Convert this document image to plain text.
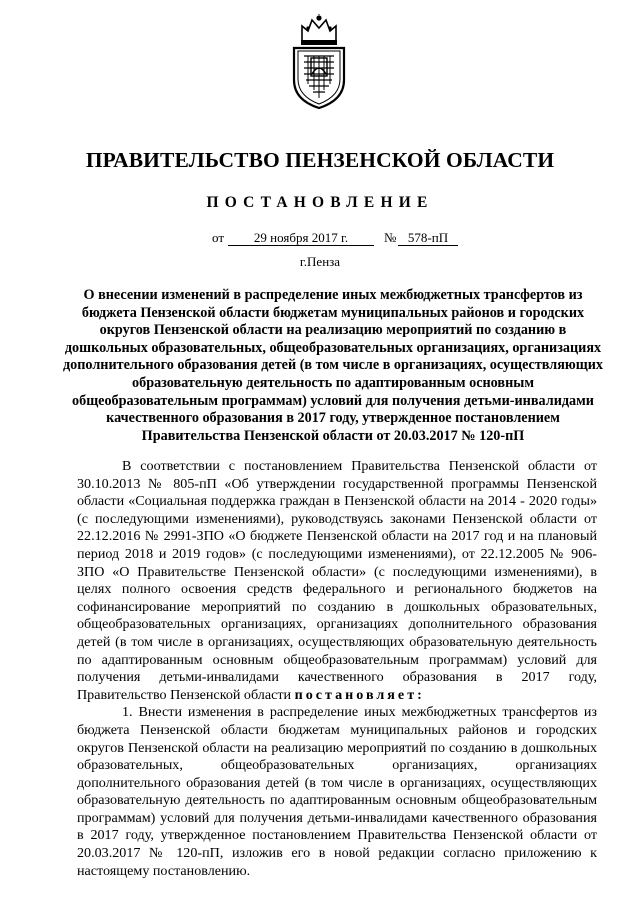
ПРАВИТЕЛЬСТВО ПЕНЗЕНСКОЙ ОБЛАСТИ
ПОСТАНОВЛЕНИЕ
от	29 ноября 2017 г.	№ 578-пП
г.Пенза

О внесении изменений в распределение иных межбюджетных трансфертов из бюджета Пензенской области бюджетам муниципальных районов и городских округов Пензенской области на реализацию мероприятий по созданию в дошкольных образовательных, общеобразовательных организациях, организациях дополнительного образования детей (в том числе в организациях, осуществляющих образовательную деятельность по адаптированным основным общеобразовательным программам) условий для получения детьми-инвалидами качественного образования в 2017 году, утвержденное постановлением Правительства Пензенской области от 20.03.2017 № 120-пП

В соответствии с постановлением Правительства Пензенской области от 30.10.2013 № 805-пП «Об утверждении государственной программы Пензенской области «Социальная поддержка граждан в Пензенской области на 2014 - 2020 годы» (с последующими изменениями), руководствуясь законами Пензенской области от 22.12.2016 № 2991-ЗПО «О бюджете Пензенской области на 2017 год и на плановый период 2018 и 2019 годов» (с последующими изменениями), от 22.12.2005 № 906-ЗПО «О Правительстве Пензенской области» (с последующими изменениями), в целях полного освоения средств федерального и регионального бюджетов на софинансирование мероприятий по созданию в дошкольных образовательных, общеобразовательных организациях, организациях дополнительного образования детей (в том числе в организациях, осуществляющих образовательную деятельность по адаптированным основным общеобразовательным программам) условий для получения детьми-инвалидами качественного образования в 2017 году, Правительство Пензенской области постановляет:

1. Внести изменения в распределение иных межбюджетных трансфертов из бюджета Пензенской области бюджетам муниципальных районов и городских округов Пензенской области на реализацию мероприятий по созданию в дошкольных образовательных, общеобразовательных организациях, организациях дополнительного образования детей (в том числе в организациях, осуществляющих образовательную деятельность по адаптированным основным общеобразовательным программам) условий для получения детьми-инвалидами качественного образования в 2017 году, утвержденное постановлением Правительства Пензенской области от 20.03.2017 № 120-пП, изложив его в новой редакции согласно приложению к настоящему постановлению.
